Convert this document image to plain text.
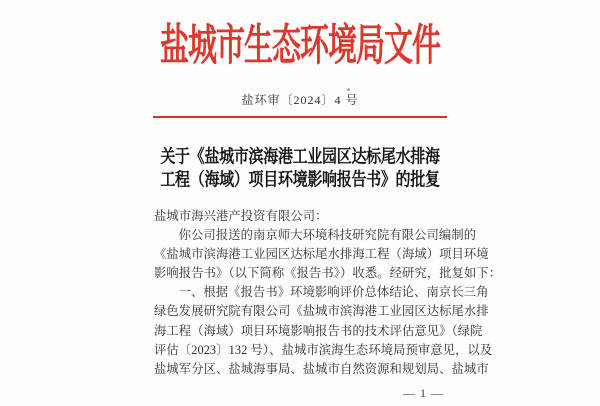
盐城市生态环境局文件
盐环审〔2024〕4 号
关于《盐城市滨海港工业园区达标尾水排海
工程（海域）项目环境影响报告书》的批复
盐城市海兴港产投资有限公司：
你公司报送的南京师大环境科技研究院有限公司编制的
《盐城市滨海港工业园区达标尾水排海工程（海域）项目环境
影响报告书》（以下简称《报告书》）收悉。经研究，批复如下：
一、根据《报告书》环境影响评价总体结论、南京长三角
绿色发展研究院有限公司《盐城市滨海港工业园区达标尾水排
海工程（海域）项目环境影响报告书的技术评估意见》（绿院
评估〔2023〕132 号）、盐城市滨海生态环境局预审意见，以及
盐城军分区、盐城海事局、盐城市自然资源和规划局、盐城市
— 1 —
